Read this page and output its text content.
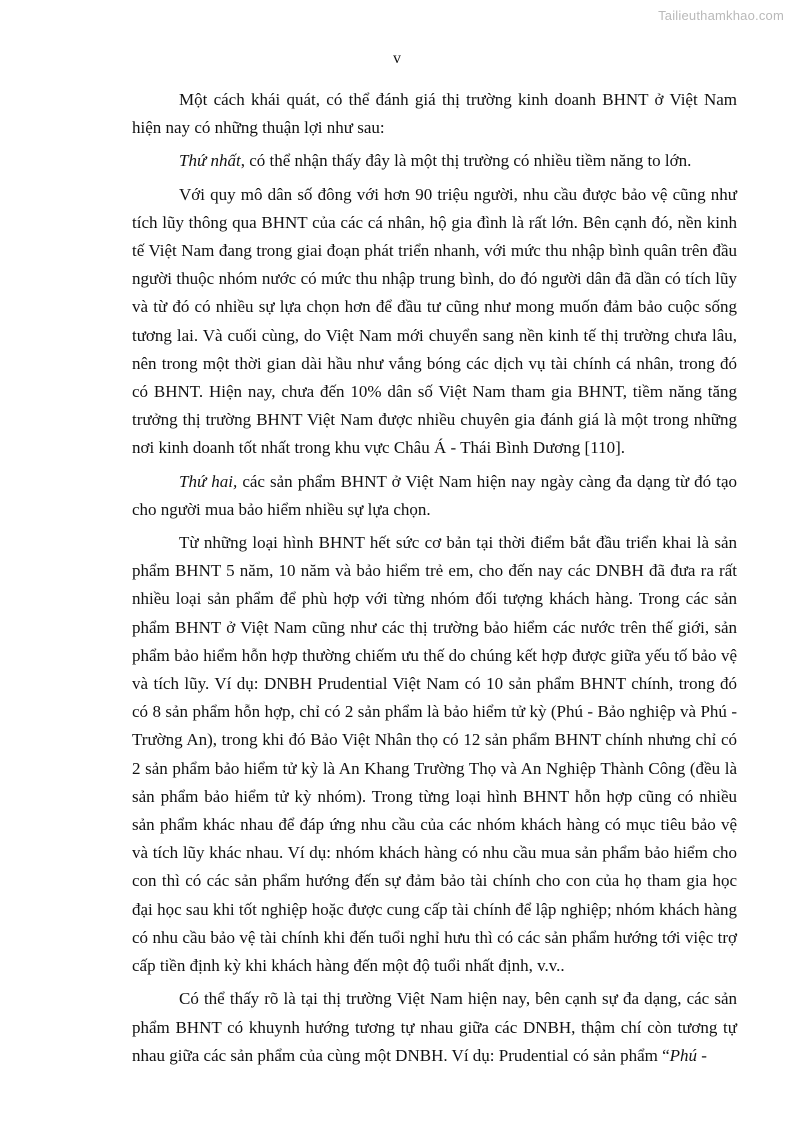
Tailieuthamkhao.com
v

Một cách khái quát, có thể đánh giá thị trường kinh doanh BHNT ở Việt Nam hiện nay có những thuận lợi như sau:

Thứ nhất, có thể nhận thấy đây là một thị trường có nhiều tiềm năng to lớn.

Với quy mô dân số đông với hơn 90 triệu người, nhu cầu được bảo vệ cũng như tích lũy thông qua BHNT của các cá nhân, hộ gia đình là rất lớn. Bên cạnh đó, nền kinh tế Việt Nam đang trong giai đoạn phát triển nhanh, với mức thu nhập bình quân trên đầu người thuộc nhóm nước có mức thu nhập trung bình, do đó người dân đã dần có tích lũy và từ đó có nhiều sự lựa chọn hơn để đầu tư cũng như mong muốn đảm bảo cuộc sống tương lai. Và cuối cùng, do Việt Nam mới chuyển sang nền kinh tế thị trường chưa lâu, nên trong một thời gian dài hầu như vắng bóng các dịch vụ tài chính cá nhân, trong đó có BHNT. Hiện nay, chưa đến 10% dân số Việt Nam tham gia BHNT, tiềm năng tăng trưởng thị trường BHNT Việt Nam được nhiều chuyên gia đánh giá là một trong những nơi kinh doanh tốt nhất trong khu vực Châu Á - Thái Bình Dương [110].

Thứ hai, các sản phẩm BHNT ở Việt Nam hiện nay ngày càng đa dạng từ đó tạo cho người mua bảo hiểm nhiều sự lựa chọn.

Từ những loại hình BHNT hết sức cơ bản tại thời điểm bắt đầu triển khai là sản phẩm BHNT 5 năm, 10 năm và bảo hiểm trẻ em, cho đến nay các DNBH đã đưa ra rất nhiều loại sản phẩm để phù hợp với từng nhóm đối tượng khách hàng. Trong các sản phẩm BHNT ở Việt Nam cũng như các thị trường bảo hiểm các nước trên thế giới, sản phẩm bảo hiểm hỗn hợp thường chiếm ưu thế do chúng kết hợp được giữa yếu tố bảo vệ và tích lũy. Ví dụ: DNBH Prudential Việt Nam có 10 sản phẩm BHNT chính, trong đó có 8 sản phẩm hỗn hợp, chỉ có 2 sản phẩm là bảo hiểm tử kỳ (Phú - Bảo nghiệp và Phú - Trường An), trong khi đó Bảo Việt Nhân thọ có 12 sản phẩm BHNT chính nhưng chỉ có 2 sản phẩm bảo hiểm tử kỳ là An Khang Trường Thọ và An Nghiệp Thành Công (đều là sản phẩm bảo hiểm tử kỳ nhóm). Trong từng loại hình BHNT hỗn hợp cũng có nhiều sản phẩm khác nhau để đáp ứng nhu cầu của các nhóm khách hàng có mục tiêu bảo vệ và tích lũy khác nhau. Ví dụ: nhóm khách hàng có nhu cầu mua sản phẩm bảo hiểm cho con thì có các sản phẩm hướng đến sự đảm bảo tài chính cho con của họ tham gia học đại học sau khi tốt nghiệp hoặc được cung cấp tài chính để lập nghiệp; nhóm khách hàng có nhu cầu bảo vệ tài chính khi đến tuổi nghỉ hưu thì có các sản phẩm hướng tới việc trợ cấp tiền định kỳ khi khách hàng đến một độ tuổi nhất định, v.v..

Có thể thấy rõ là tại thị trường Việt Nam hiện nay, bên cạnh sự đa dạng, các sản phẩm BHNT có khuynh hướng tương tự nhau giữa các DNBH, thậm chí còn tương tự nhau giữa các sản phẩm của cùng một DNBH. Ví dụ: Prudential có sản phẩm “Phú -
